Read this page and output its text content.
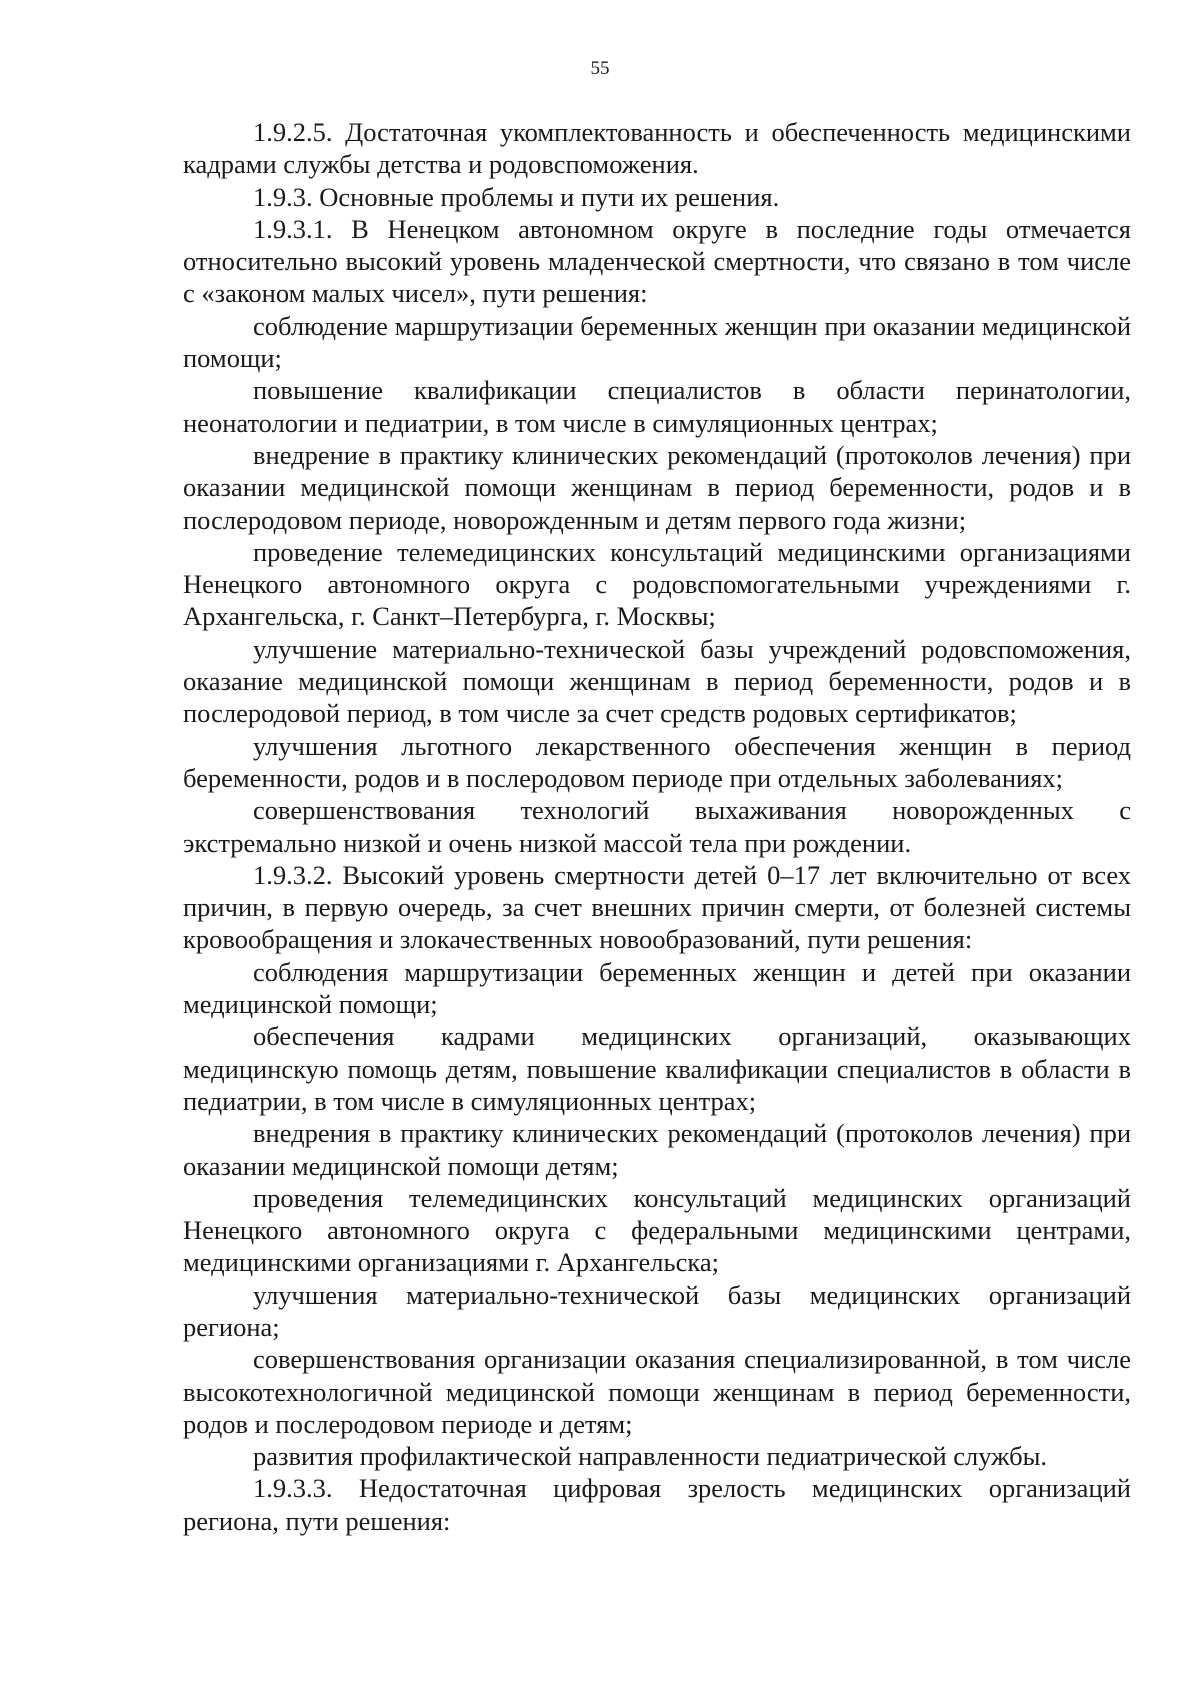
55

1.9.2.5. Достаточная укомплектованность и обеспеченность медицинскими кадрами службы детства и родовспоможения.

1.9.3. Основные проблемы и пути их решения.

1.9.3.1. В Ненецком автономном округе в последние годы отмечается относительно высокий уровень младенческой смертности, что связано в том числе с «законом малых чисел», пути решения:

соблюдение маршрутизации беременных женщин при оказании медицинской помощи;

повышение квалификации специалистов в области перинатологии, неонатологии и педиатрии, в том числе в симуляционных центрах;

внедрение в практику клинических рекомендаций (протоколов лечения) при оказании медицинской помощи женщинам в период беременности, родов и в послеродовом периоде, новорожденным и детям первого года жизни;

проведение телемедицинских консультаций медицинскими организациями Ненецкого автономного округа с родовспомогательными учреждениями г. Архангельска, г. Санкт–Петербурга, г. Москвы;

улучшение материально-технической базы учреждений родовспоможения, оказание медицинской помощи женщинам в период беременности, родов и в послеродовой период, в том числе за счет средств родовых сертификатов;

улучшения льготного лекарственного обеспечения женщин в период беременности, родов и в послеродовом периоде при отдельных заболеваниях;

совершенствования технологий выхаживания новорожденных с экстремально низкой и очень низкой массой тела при рождении.

1.9.3.2. Высокий уровень смертности детей 0–17 лет включительно от всех причин, в первую очередь, за счет внешних причин смерти, от болезней системы кровообращения и злокачественных новообразований, пути решения:

соблюдения маршрутизации беременных женщин и детей при оказании медицинской помощи;

обеспечения кадрами медицинских организаций, оказывающих медицинскую помощь детям, повышение квалификации специалистов в области в педиатрии, в том числе в симуляционных центрах;

внедрения в практику клинических рекомендаций (протоколов лечения) при оказании медицинской помощи детям;

проведения телемедицинских консультаций медицинских организаций Ненецкого автономного округа с федеральными медицинскими центрами, медицинскими организациями г. Архангельска;

улучшения материально-технической базы медицинских организаций региона;

совершенствования организации оказания специализированной, в том числе высокотехнологичной медицинской помощи женщинам в период беременности, родов и послеродовом периоде и детям;

развития профилактической направленности педиатрической службы.

1.9.3.3. Недостаточная цифровая зрелость медицинских организаций региона, пути решения:
